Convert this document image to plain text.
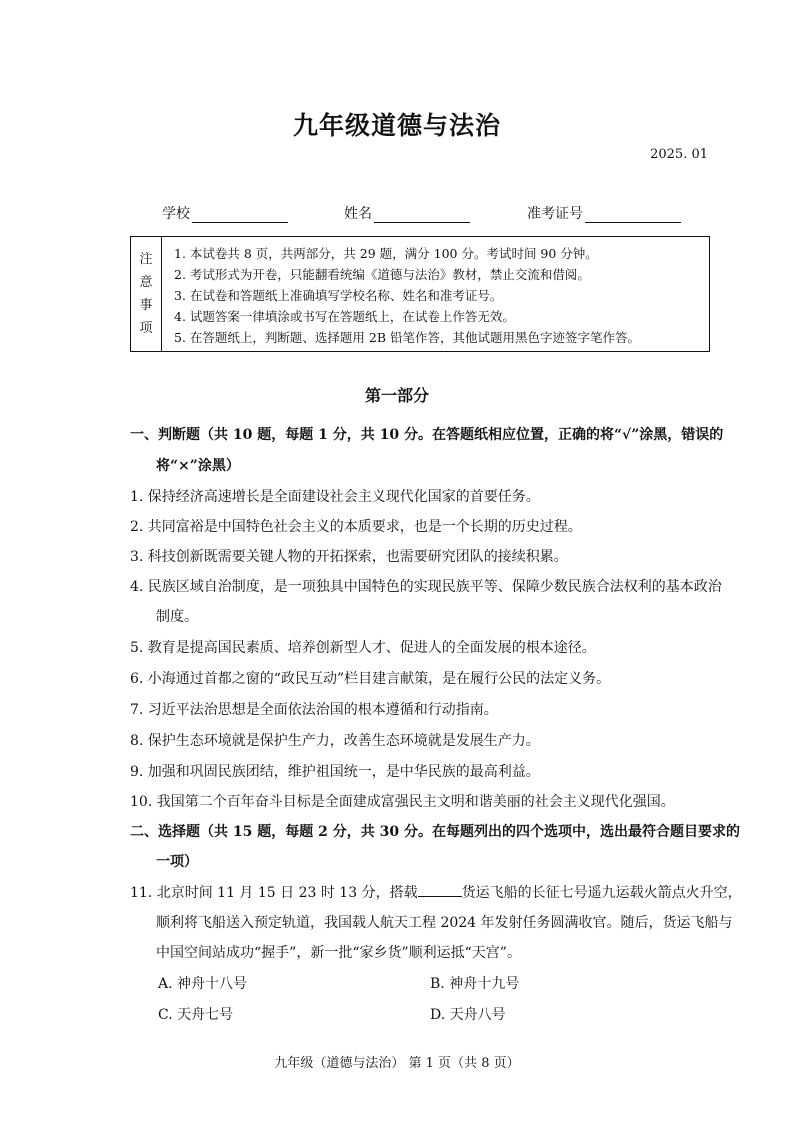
九年级道德与法治
2025. 01
学校	姓名	准考证号
注
意
事
项
1. 本试卷共 8 页，共两部分，共 29 题，满分 100 分。考试时间 90 分钟。
2. 考试形式为开卷，只能翻看统编《道德与法治》教材，禁止交流和借阅。
3. 在试卷和答题纸上准确填写学校名称、姓名和准考证号。
4. 试题答案一律填涂或书写在答题纸上，在试卷上作答无效。
5. 在答题纸上，判断题、选择题用 2B 铅笔作答，其他试题用黑色字迹签字笔作答。
第一部分
一、判断题（共 10 题，每题 1 分，共 10 分。在答题纸相应位置，正确的将“√”涂黑，错误的
将“×”涂黑）
1. 保持经济高速增长是全面建设社会主义现代化国家的首要任务。
2. 共同富裕是中国特色社会主义的本质要求，也是一个长期的历史过程。
3. 科技创新既需要关键人物的开拓探索，也需要研究团队的接续积累。
4. 民族区域自治制度，是一项独具中国特色的实现民族平等、保障少数民族合法权利的基本政治
制度。
5. 教育是提高国民素质、培养创新型人才、促进人的全面发展的根本途径。
6. 小海通过首都之窗的“政民互动”栏目建言献策，是在履行公民的法定义务。
7. 习近平法治思想是全面依法治国的根本遵循和行动指南。
8. 保护生态环境就是保护生产力，改善生态环境就是发展生产力。
9. 加强和巩固民族团结，维护祖国统一，是中华民族的最高利益。
10. 我国第二个百年奋斗目标是全面建成富强民主文明和谐美丽的社会主义现代化强国。
二、选择题（共 15 题，每题 2 分，共 30 分。在每题列出的四个选项中，选出最符合题目要求的
一项）
11. 北京时间 11 月 15 日 23 时 13 分，搭载	货运飞船的长征七号遥九运载火箭点火升空，
顺利将飞船送入预定轨道，我国载人航天工程 2024 年发射任务圆满收官。随后，货运飞船与
中国空间站成功“握手”，新一批“家乡货”顺利运抵“天宫”。
A. 神舟十八号	B. 神舟十九号
C. 天舟七号	D. 天舟八号
九年级（道德与法治） 第 1 页（共 8 页）
